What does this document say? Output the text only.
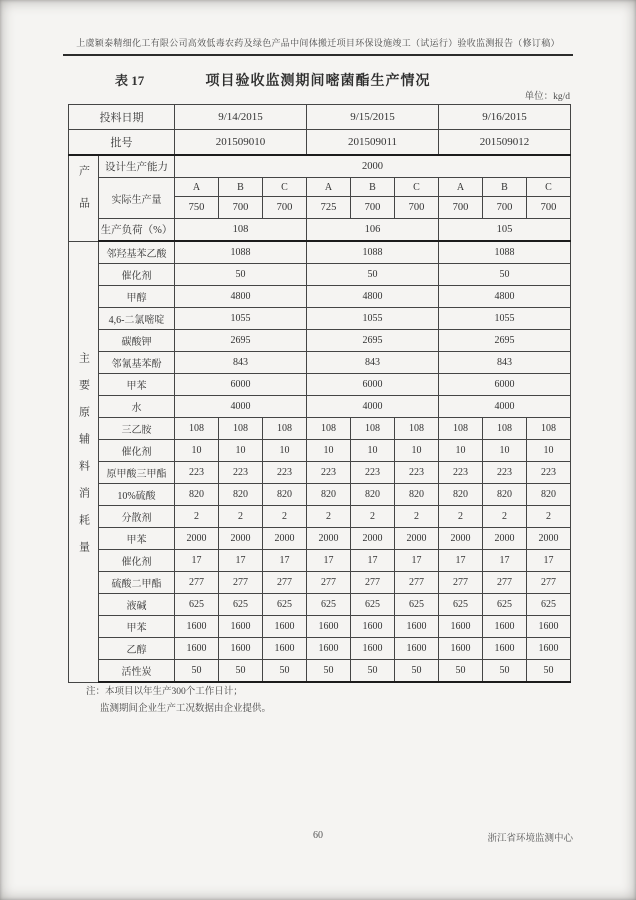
上虞颖泰精细化工有限公司高效低毒农药及绿色产品中间体搬迁项目环保设施竣工（试运行）验收监测报告（修订稿）
表 17	项目验收监测期间嘧菌酯生产情况
单位：kg/d
投料日期		9/14/2015			9/15/2015			9/16/2015		
批号		201509010			201509011			201509012		
产品	设计生产能力	2000								
	实际生产量	A	B	C	A	B	C	A	B	C
		750	700	700	725	700	700	700	700	700
	生产负荷（%）	108			106			105		
主要原辅料消耗量	邻羟基苯乙酸	1088			1088			1088		
	催化剂	50			50			50		
	甲醇	4800			4800			4800		
	4,6-二氯嘧啶	1055			1055			1055		
	碳酸钾	2695			2695			2695		
	邻氰基苯酚	843			843			843		
	甲苯	6000			6000			6000		
	水	4000			4000			4000		
	三乙胺	108	108	108	108	108	108	108	108	108
	催化剂	10	10	10	10	10	10	10	10	10
	原甲酸三甲酯	223	223	223	223	223	223	223	223	223
	10%硫酸	820	820	820	820	820	820	820	820	820
	分散剂	2	2	2	2	2	2	2	2	2
	甲苯	2000	2000	2000	2000	2000	2000	2000	2000	2000
	催化剂	17	17	17	17	17	17	17	17	17
	硫酸二甲酯	277	277	277	277	277	277	277	277	277
	液碱	625	625	625	625	625	625	625	625	625
	甲苯	1600	1600	1600	1600	1600	1600	1600	1600	1600
	乙醇	1600	1600	1600	1600	1600	1600	1600	1600	1600
	活性炭	50	50	50	50	50	50	50	50	50
注：本项目以年生产300个工作日计；
监测期间企业生产工况数据由企业提供。
60	浙江省环境监测中心
